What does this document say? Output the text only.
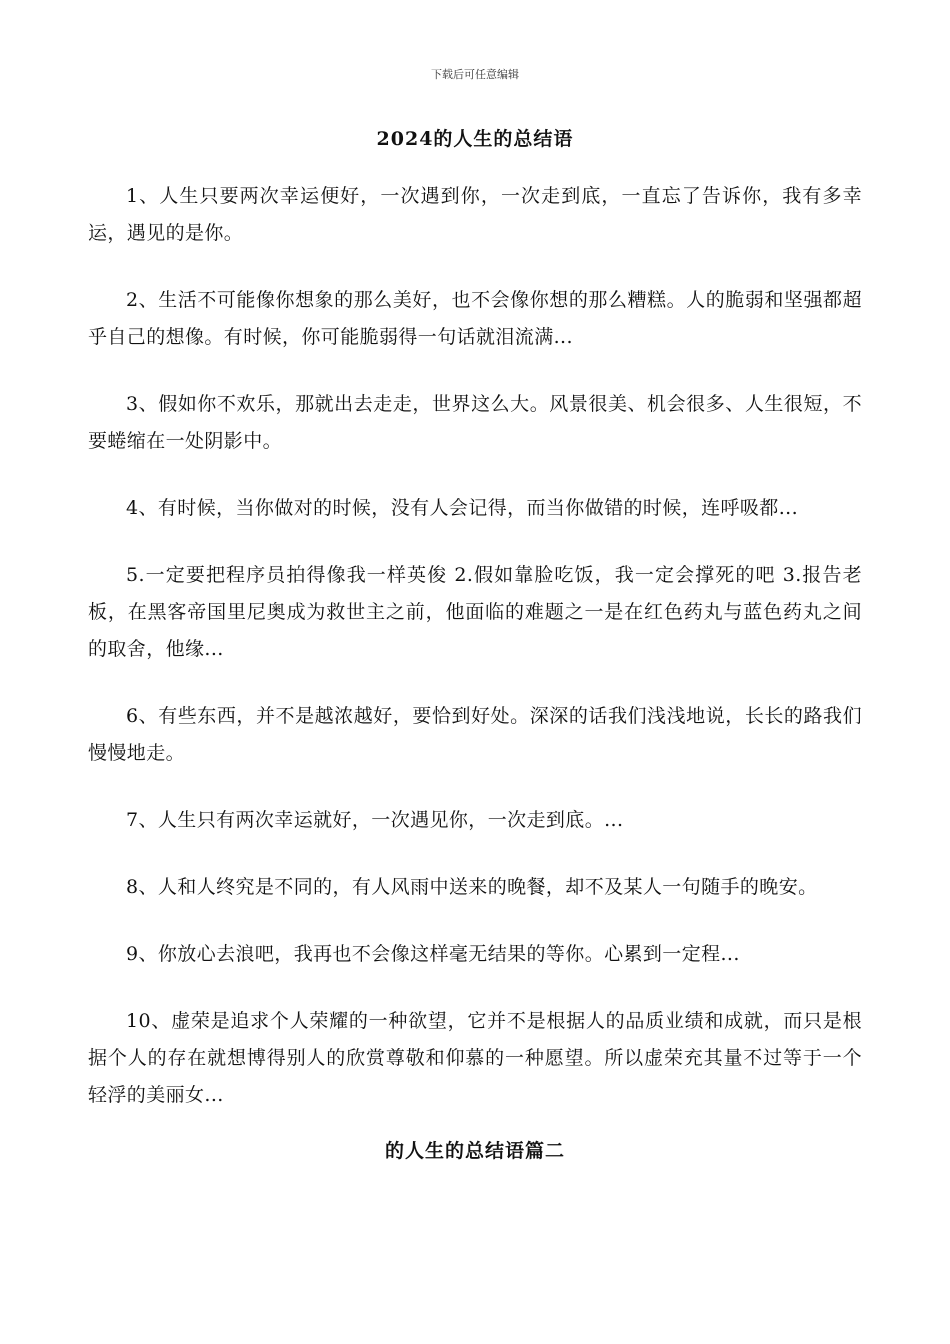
下载后可任意编辑
2024的人生的总结语

1、人生只要两次幸运便好，一次遇到你，一次走到底，一直忘了告诉你，我有多幸运，遇见的是你。

2、生活不可能像你想象的那么美好，也不会像你想的那么糟糕。人的脆弱和坚强都超乎自己的想像。有时候，你可能脆弱得一句话就泪流满...

3、假如你不欢乐，那就出去走走，世界这么大。风景很美、机会很多、人生很短，不要蜷缩在一处阴影中。

4、有时候，当你做对的时候，没有人会记得，而当你做错的时候，连呼吸都...

5.一定要把程序员拍得像我一样英俊 2.假如靠脸吃饭，我一定会撑死的吧 3.报告老板，在黑客帝国里尼奥成为救世主之前，他面临的难题之一是在红色药丸与蓝色药丸之间的取舍，他缘...

6、有些东西，并不是越浓越好，要恰到好处。深深的话我们浅浅地说，长长的路我们慢慢地走。

7、人生只有两次幸运就好，一次遇见你，一次走到底。...

8、人和人终究是不同的，有人风雨中送来的晚餐，却不及某人一句随手的晚安。

9、你放心去浪吧，我再也不会像这样毫无结果的等你。心累到一定程...

10、虚荣是追求个人荣耀的一种欲望，它并不是根据人的品质业绩和成就，而只是根据个人的存在就想博得别人的欣赏尊敬和仰慕的一种愿望。所以虚荣充其量不过等于一个轻浮的美丽女...

的人生的总结语篇二
